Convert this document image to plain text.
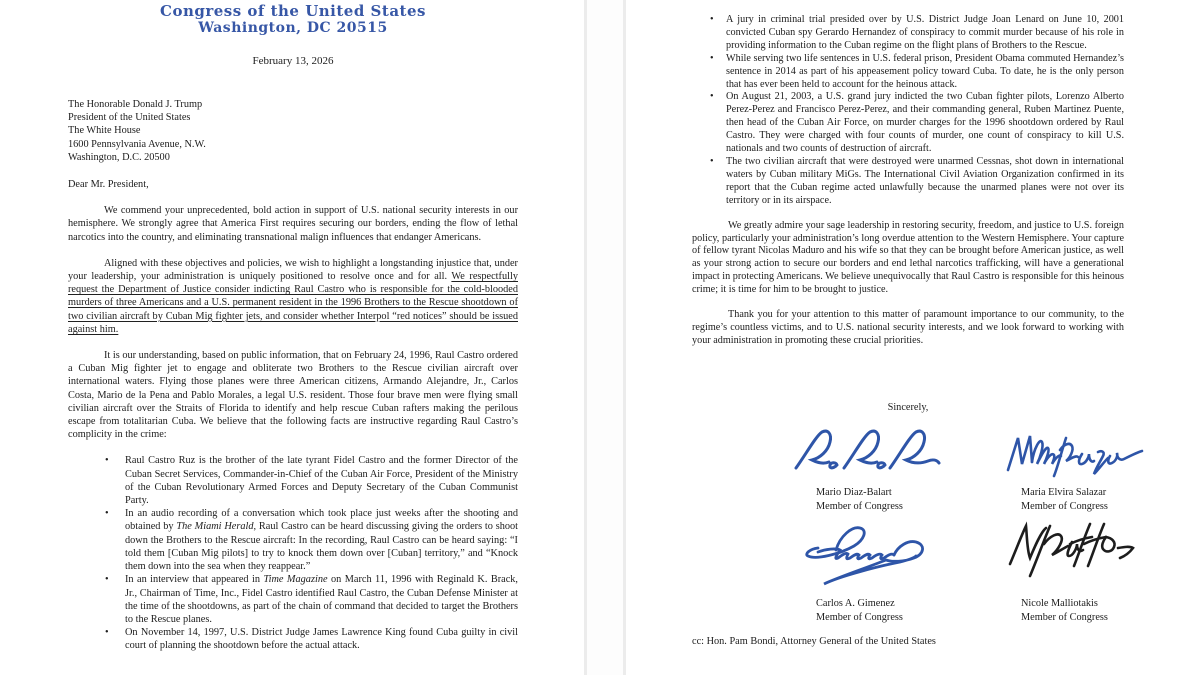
Congress of the United States
Washington, DC 20515
February 13, 2026
The Honorable Donald J. Trump
President of the United States
The White House
1600 Pennsylvania Avenue, N.W.
Washington, D.C. 20500
Dear Mr. President,

We commend your unprecedented, bold action in support of U.S. national security interests in our hemisphere. We strongly agree that America First requires securing our borders, ending the flow of lethal narcotics into the country, and eliminating transnational malign influences that endanger Americans.

Aligned with these objectives and policies, we wish to highlight a longstanding injustice that, under your leadership, your administration is uniquely positioned to resolve once and for all. We respectfully request the Department of Justice consider indicting Raul Castro who is responsible for the cold-blooded murders of three Americans and a U.S. permanent resident in the 1996 Brothers to the Rescue shootdown of two civilian aircraft by Cuban Mig fighter jets, and consider whether Interpol “red notices” should be issued against him.

It is our understanding, based on public information, that on February 24, 1996, Raul Castro ordered a Cuban Mig fighter jet to engage and obliterate two Brothers to the Rescue civilian aircraft over international waters. Flying those planes were three American citizens, Armando Alejandre, Jr., Carlos Costa, Mario de la Pena and Pablo Morales, a legal U.S. resident. Those four brave men were flying small civilian aircraft over the Straits of Florida to identify and help rescue Cuban rafters making the perilous escape from totalitarian Cuba. We believe that the following facts are instructive regarding Raul Castro’s complicity in the crime:

•	Raul Castro Ruz is the brother of the late tyrant Fidel Castro and the former Director of the Cuban Secret Services, Commander-in-Chief of the Cuban Air Force, President of the Ministry of the Cuban Revolutionary Armed Forces and Deputy Secretary of the Cuban Communist Party.
•	In an audio recording of a conversation which took place just weeks after the shooting and obtained by The Miami Herald, Raul Castro can be heard discussing giving the orders to shoot down the Brothers to the Rescue aircraft: In the recording, Raul Castro can be heard saying: “I told them [Cuban Mig pilots] to try to knock them down over [Cuban] territory,” and “Knock them down into the sea when they reappear.”
•	In an interview that appeared in Time Magazine on March 11, 1996 with Reginald K. Brack, Jr., Chairman of Time, Inc., Fidel Castro identified Raul Castro, the Cuban Defense Minister at the time of the shootdowns, as part of the chain of command that decided to target the Brothers to the Rescue planes.
•	On November 14, 1997, U.S. District Judge James Lawrence King found Cuba guilty in civil court of planning the shootdown before the actual attack.
•	A jury in criminal trial presided over by U.S. District Judge Joan Lenard on June 10, 2001 convicted Cuban spy Gerardo Hernandez of conspiracy to commit murder because of his role in providing information to the Cuban regime on the flight plans of Brothers to the Rescue.
•	While serving two life sentences in U.S. federal prison, President Obama commuted Hernandez’s sentence in 2014 as part of his appeasement policy toward Cuba. To date, he is the only person that has ever been held to account for the heinous attack.
•	On August 21, 2003, a U.S. grand jury indicted the two Cuban fighter pilots, Lorenzo Alberto Perez-Perez and Francisco Perez-Perez, and their commanding general, Ruben Martinez Puente, then head of the Cuban Air Force, on murder charges for the 1996 shootdown ordered by Raul Castro. They were charged with four counts of murder, one count of conspiracy to kill U.S. nationals and two counts of destruction of aircraft.
•	The two civilian aircraft that were destroyed were unarmed Cessnas, shot down in international waters by Cuban military MiGs. The International Civil Aviation Organization confirmed in its report that the Cuban regime acted unlawfully because the unarmed planes were not over its territory or in its airspace.

We greatly admire your sage leadership in restoring security, freedom, and justice to U.S. foreign policy, particularly your administration’s long overdue attention to the Western Hemisphere. Your capture of fellow tyrant Nicolas Maduro and his wife so that they can be brought before American justice, as well as your strong action to secure our borders and end lethal narcotics trafficking, will have a generational impact in protecting Americans. We believe unequivocally that Raul Castro is responsible for this heinous crime; it is time for him to be brought to justice.

Thank you for your attention to this matter of paramount importance to our community, to the regime’s countless victims, and to U.S. national security interests, and we look forward to working with your administration in promoting these crucial priorities.

Sincerely,
Mario Diaz-Balart
Member of Congress
Maria Elvira Salazar
Member of Congress
Carlos A. Gimenez
Member of Congress
Nicole Malliotakis
Member of Congress
cc: Hon. Pam Bondi, Attorney General of the United States
